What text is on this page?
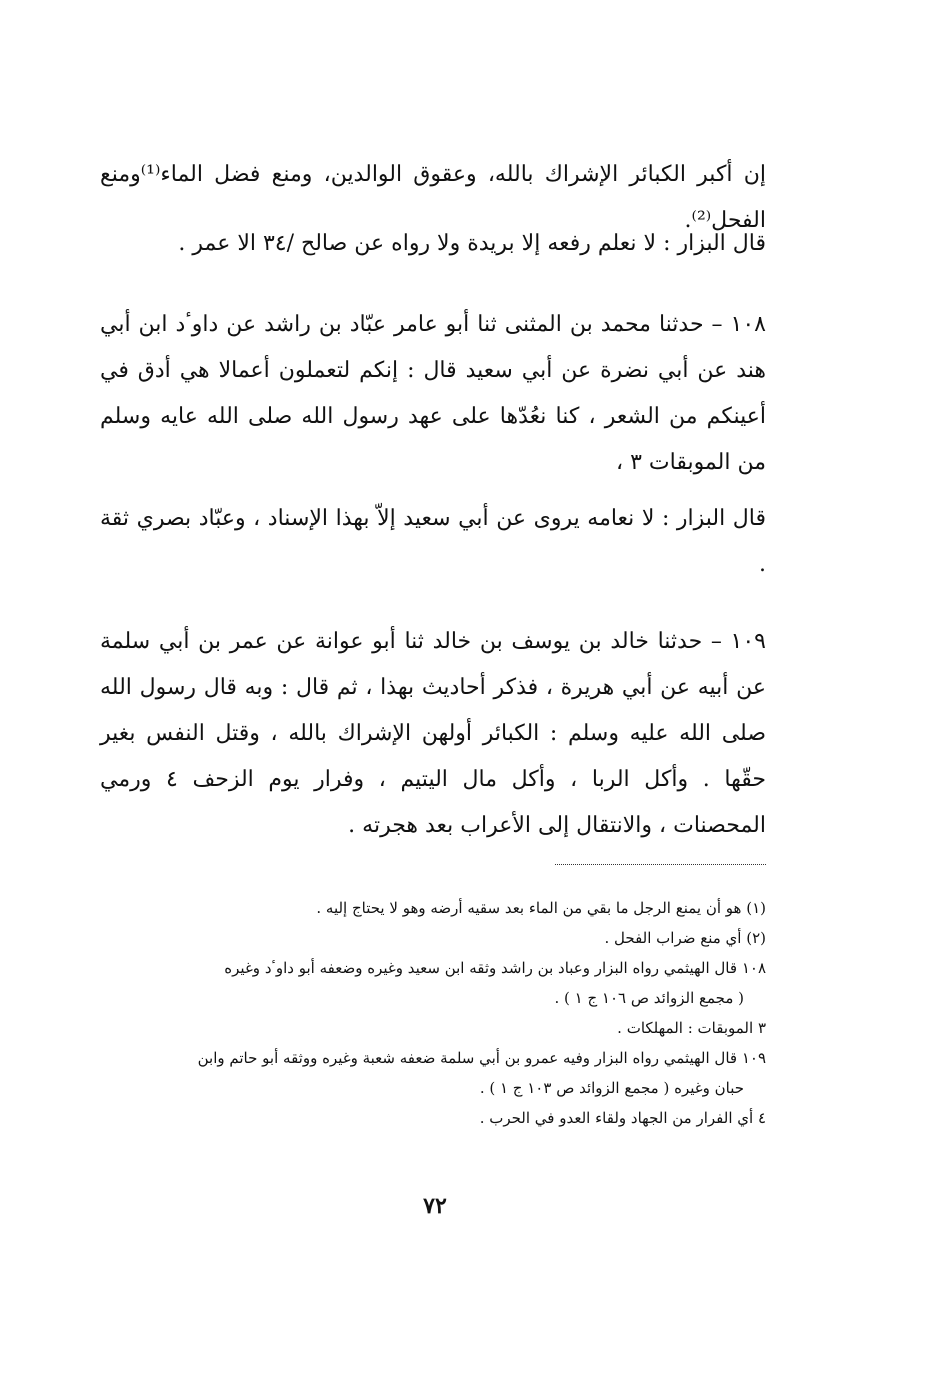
إن أكبر الكبائر الإشراك بالله، وعقوق الوالدين، ومنع فضل الماء⁽¹⁾ومنع الفحل⁽²⁾.

قال البزار : لا نعلم رفعه إلا بريدة ولا رواه عن صالح /٣٤ الا عمر .

١٠٨ – حدثنا محمد بن المثنى ثنا أبو عامر عبّاد بن راشد عن داوٴد ابن أبي هند عن أبي نضرة عن أبي سعيد قال : إنكم لتعملون أعمالا هي أدق في أعينكم من الشعر ، كنا نعُدّها على عهد رسول الله صلى الله عايه وسلم من الموبقات ٣ ،

قال البزار : لا نعامه يروى عن أبي سعيد إلاّ بهذا الإسناد ، وعبّاد بصري ثقة .

١٠٩ – حدثنا خالد بن يوسف بن خالد ثنا أبو عوانة عن عمر بن أبي سلمة عن أبيه عن أبي هريرة ، فذكر أحاديث بهذا ، ثم قال : وبه قال رسول الله صلى الله عليه وسلم : الكبائر أولهن الإشراك بالله ، وقتل النفس بغير حقّها . وأكل الربا ، وأكل مال اليتيم ، وفرار يوم الزحف ٤ ورمي المحصنات ، والانتقال إلى الأعراب بعد هجرته .

(١) هو أن يمنع الرجل ما بقي من الماء بعد سقيه أرضه وهو لا يحتاج إليه .

(٢) أي منع ضراب الفحل .

١٠٨ قال الهيثمي رواه البزار وعباد بن راشد وثقه ابن سعيد وغيره وضعفه أبو داوٴد وغيره

( مجمع الزوائد ص ١٠٦ ج ١ ) .

٣ الموبقات : المهلكات .

١٠٩ قال الهيثمي رواه البزار وفيه عمرو بن أبي سلمة ضعفه شعبة وغيره ووثقه أبو حاتم وابن

حبان وغيره ( مجمع الزوائد ص ١٠٣ ج ١ ) .

٤ أي الفرار من الجهاد ولقاء العدو في الحرب .

٧٢
